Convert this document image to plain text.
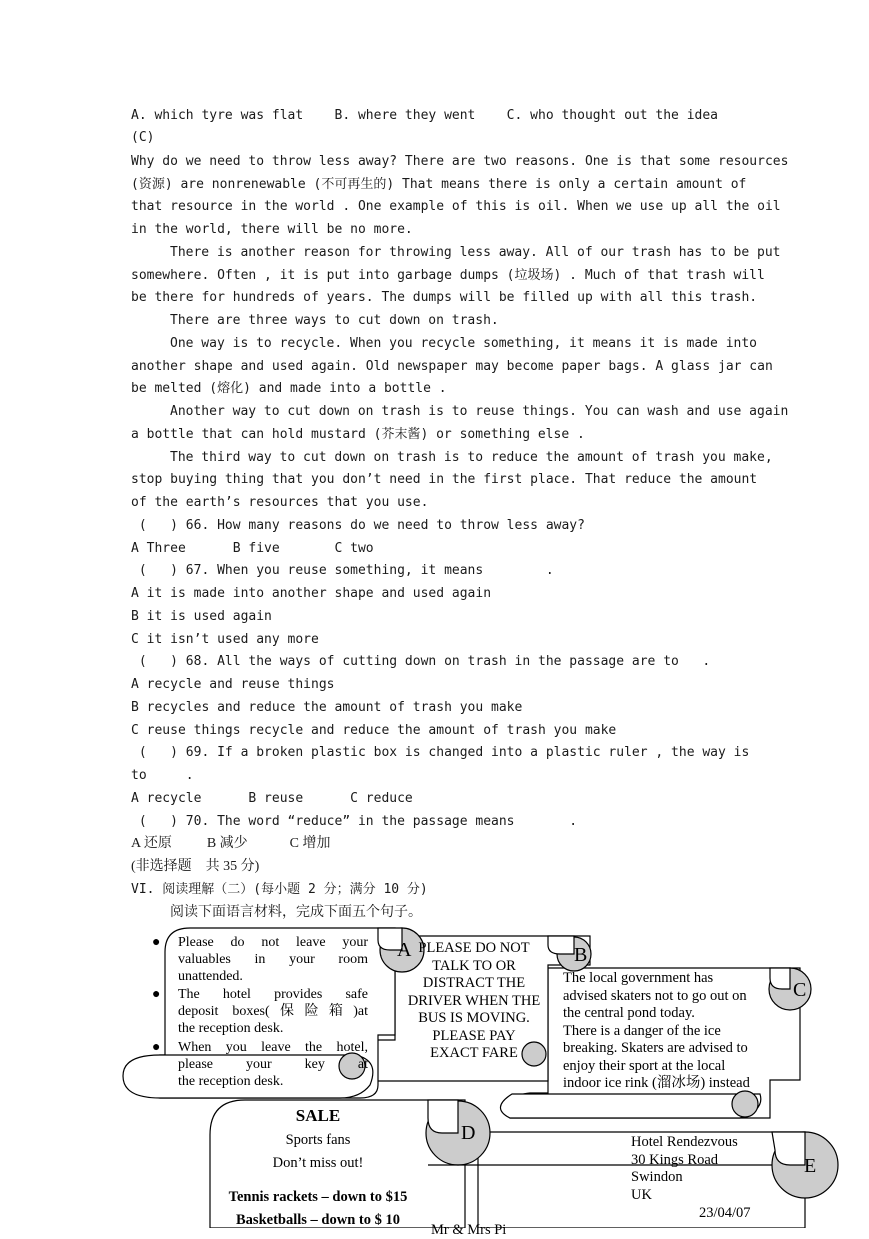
A. which tyre was flat    B. where they went    C. who thought out the idea
(C)
Why do we need to throw less away? There are two reasons. One is that some resources
(资源) are nonrenewable (不可再生的) That means there is only a certain amount of
that resource in the world . One example of this is oil. When we use up all the oil
in the world, there will be no more.
There is another reason for throwing less away. All of our trash has to be put
somewhere. Often , it is put into garbage dumps (垃圾场) . Much of that trash will
be there for hundreds of years. The dumps will be filled up with all this trash.
There are three ways to cut down on trash.
One way is to recycle. When you recycle something, it means it is made into
another shape and used again. Old newspaper may become paper bags. A glass jar can
be melted (熔化) and made into a bottle .
Another way to cut down on trash is to reuse things. You can wash and use again
a bottle that can hold mustard (芥末酱) or something else .
The third way to cut down on trash is to reduce the amount of trash you make,
stop buying thing that you don’t need in the first place. That reduce the amount
of the earth’s resources that you use.
(   ) 66. How many reasons do we need to throw less away?
A Three      B five       C two
(   ) 67. When you reuse something, it means        .
A it is made into another shape and used again
B it is used again
C it isn’t used any more
(   ) 68. All the ways of cutting down on trash in the passage are to   .
A recycle and reuse things
B recycles and reduce the amount of trash you make
C reuse things recycle and reduce the amount of trash you make
(   ) 69. If a broken plastic box is changed into a plastic ruler , the way is
to     .
A recycle      B reuse      C reduce
(   ) 70. The word “reduce” in the passage means       .
A 还原          B 减少            C 增加
(非选择题    共 35 分)
VI. 阅读理解（二）(每小题 2 分；满分 10 分)
阅读下面语言材料，完成下面五个句子。
A	B
C
D
E
● Please do not leave your
valuables in your room
unattended.
● The hotel provides safe
deposit boxes(保险箱)at
the reception desk.
● When you leave the hotel,
please your key at
the reception desk.
PLEASE DO NOT
TALK TO OR
DISTRACT THE
DRIVER WHEN THE
BUS IS MOVING.
PLEASE PAY
EXACT FARE
The local government has
advised skaters not to go out on
the central pond today.
There is a danger of the ice
breaking. Skaters are advised to
enjoy their sport at the local
indoor ice rink (溜冰场) instead
SALE
Sports fans
Don’t miss out!
Tennis rackets – down to $15
Basketballs – down to $ 10
Hotel Rendezvous
30 Kings Road
Swindon
UK
23/04/07
Mr & Mrs Pi
